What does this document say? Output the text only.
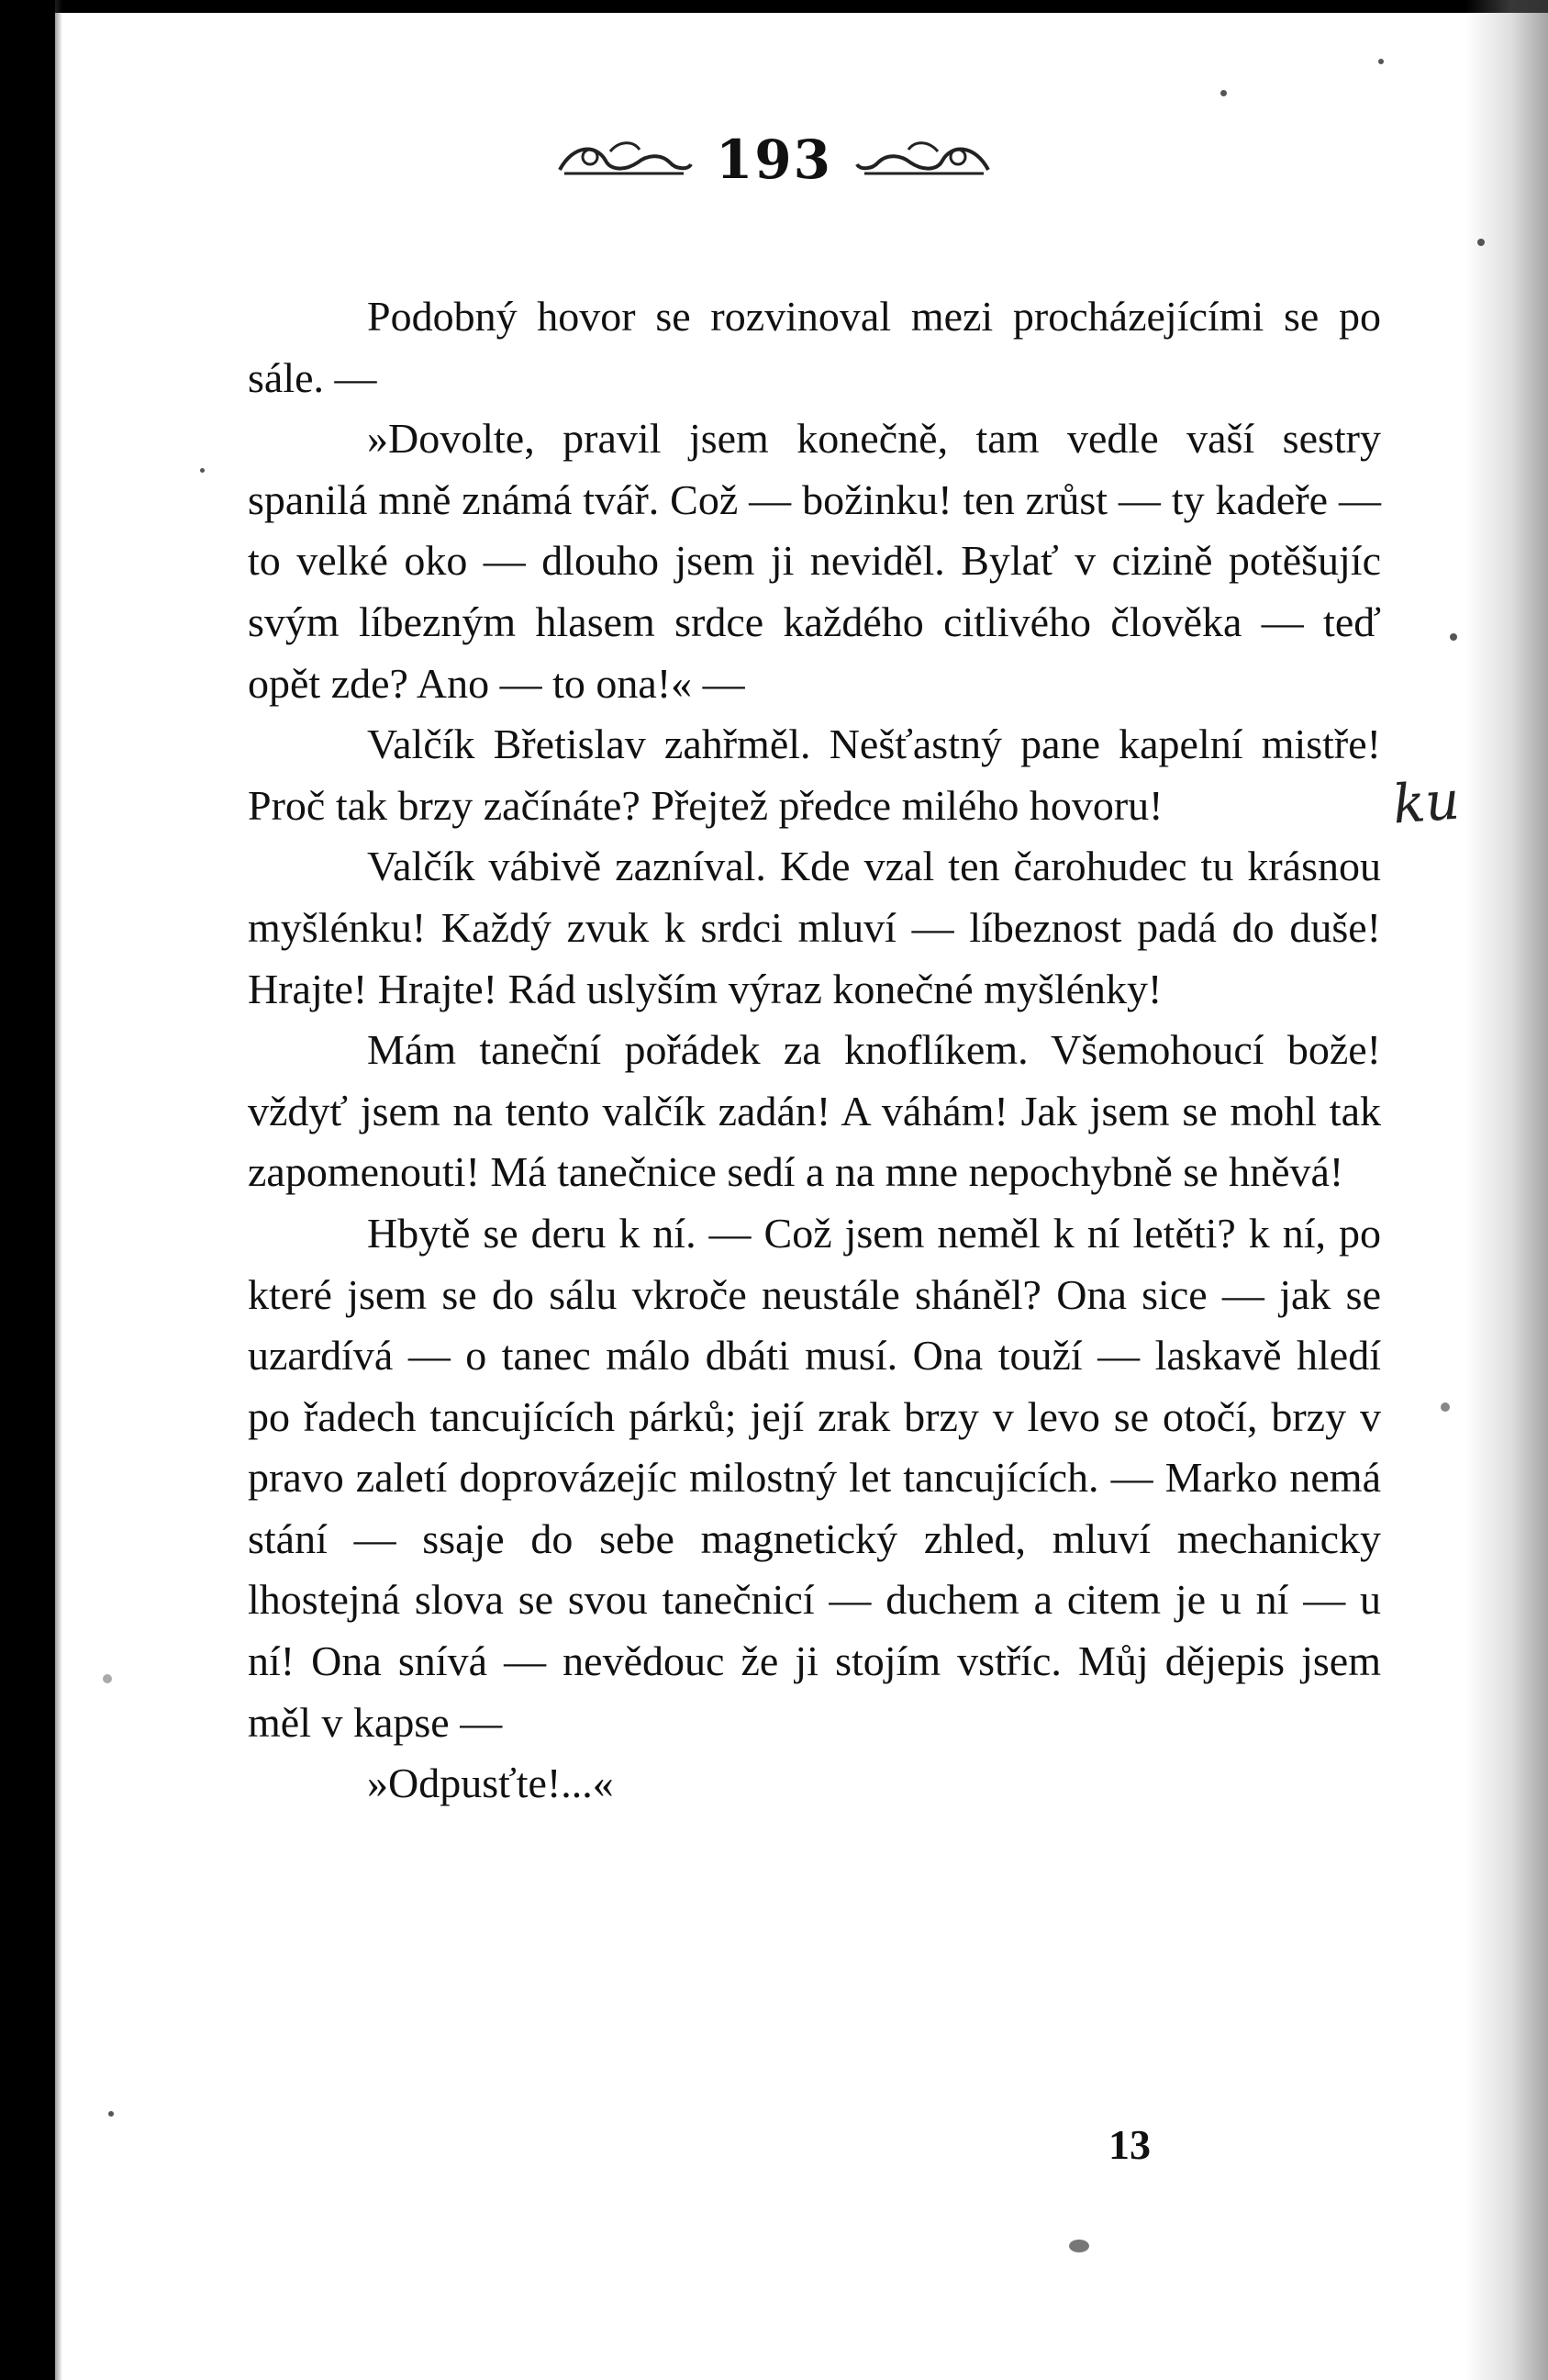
193

Podobný hovor se rozvinoval mezi procházejícími se po sále. —

»Dovolte, pravil jsem konečně, tam vedle vaší sestry spanilá mně známá tvář. Což — božinku! ten zrůst — ty kadeře — to velké oko — dlouho jsem ji neviděl. Bylať v cizině potěšujíc svým líbezným hlasem srdce každého citlivého člověka — teď opět zde? Ano — to ona!« —

Valčík Břetislav zahřměl. Nešťastný pane kapelní mistře! Proč tak brzy začínáte? Přejtež předce milého hovoru!

Valčík vábivě zazníval. Kde vzal ten čarohudec tu krásnou myšlénku! Každý zvuk k srdci mluví — líbeznost padá do duše! Hrajte! Hrajte! Rád uslyším výraz konečné myšlénky!

Mám taneční pořádek za knoflíkem. Všemohoucí bože! vždyť jsem na tento valčík zadán! A váhám! Jak jsem se mohl tak zapomenouti! Má tanečnice sedí a na mne nepochybně se hněvá!

Hbytě se deru k ní. — Což jsem neměl k ní letěti? k ní, po které jsem se do sálu vkroče neustále sháněl? Ona sice — jak se uzardívá — o tanec málo dbáti musí. Ona touží — laskavě hledí po řadech tancujících párků; její zrak brzy v levo se otočí, brzy v pravo zaletí doprovázejíc milostný let tancujících. — Marko nemá stání — ssaje do sebe magnetický zhled, mluví mechanicky lhostejná slova se svou tanečnicí — duchem a citem je u ní — u ní! Ona snívá — nevědouc že ji stojím vstříc. Můj dějepis jsem měl v kapse —

»Odpusťte!...«

ku
13
